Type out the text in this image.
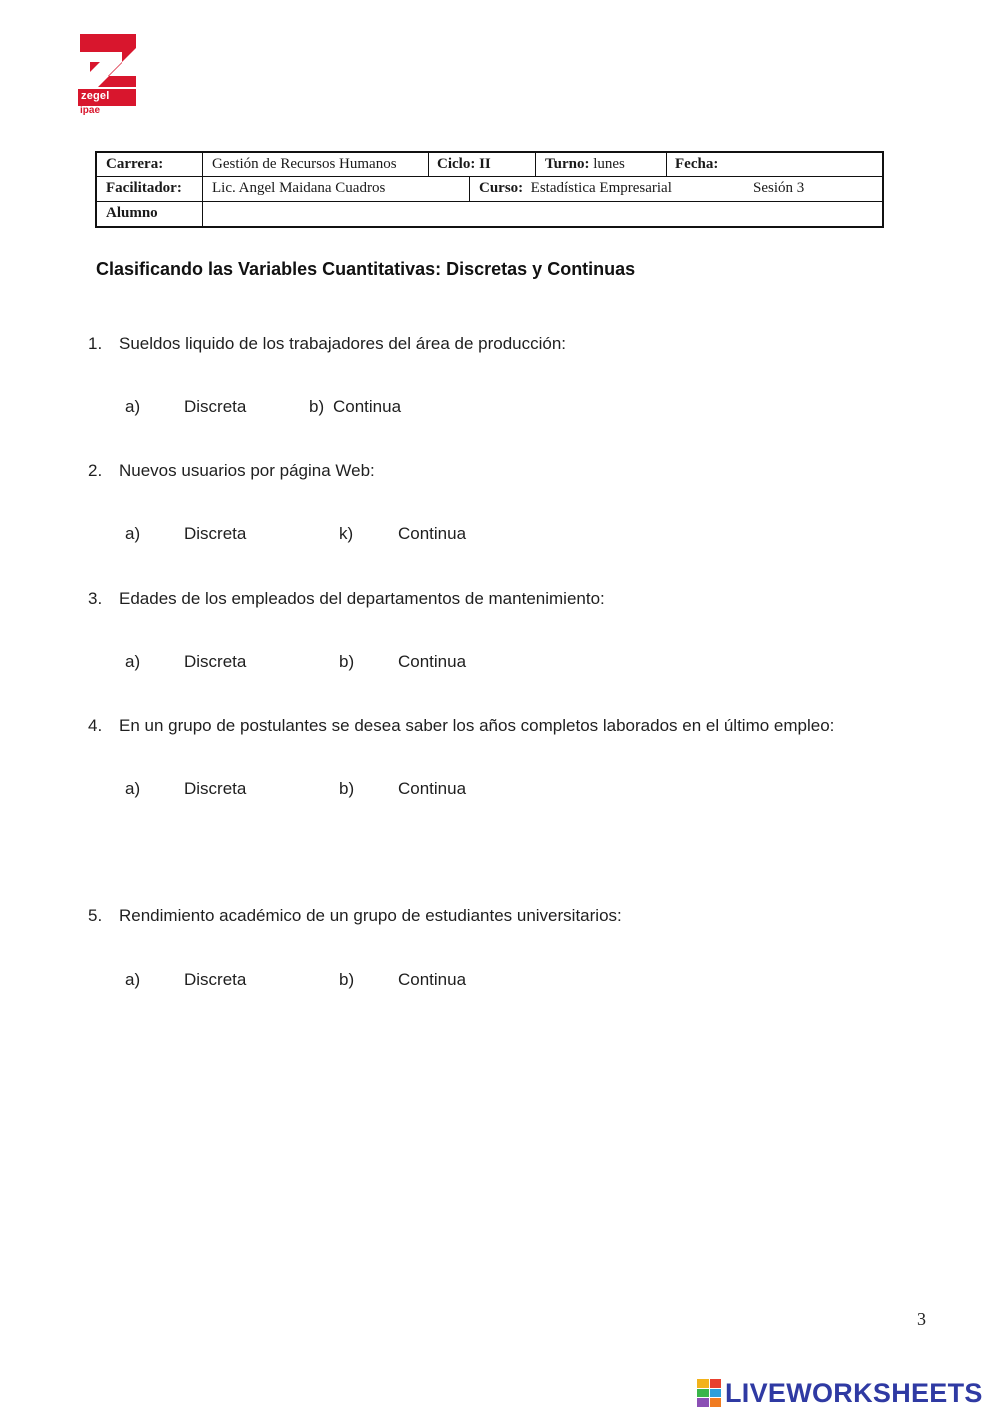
zegel
ipae
Carrera:	Gestión de Recursos Humanos	Ciclo: II	Turno: lunes	Fecha:
Facilitador: Lic. Angel Maidana Cuadros	Curso: Estadística Empresarial	Sesión 3
Alumno
Clasificando las Variables Cuantitativas: Discretas y Continuas
1. Sueldos liquido de los trabajadores del área de producción:
a)	Discreta	b) Continua
2. Nuevos usuarios por página Web:
a)	Discreta	k)	Continua
3. Edades de los empleados del departamentos de mantenimiento:
a)	Discreta	b)	Continua
4. En un grupo de postulantes se desea saber los años completos laborados en el último empleo:
a)	Discreta	b)	Continua
5. Rendimiento académico de un grupo de estudiantes universitarios:
a)	Discreta	b)	Continua
3
LIVEWORKSHEETS
